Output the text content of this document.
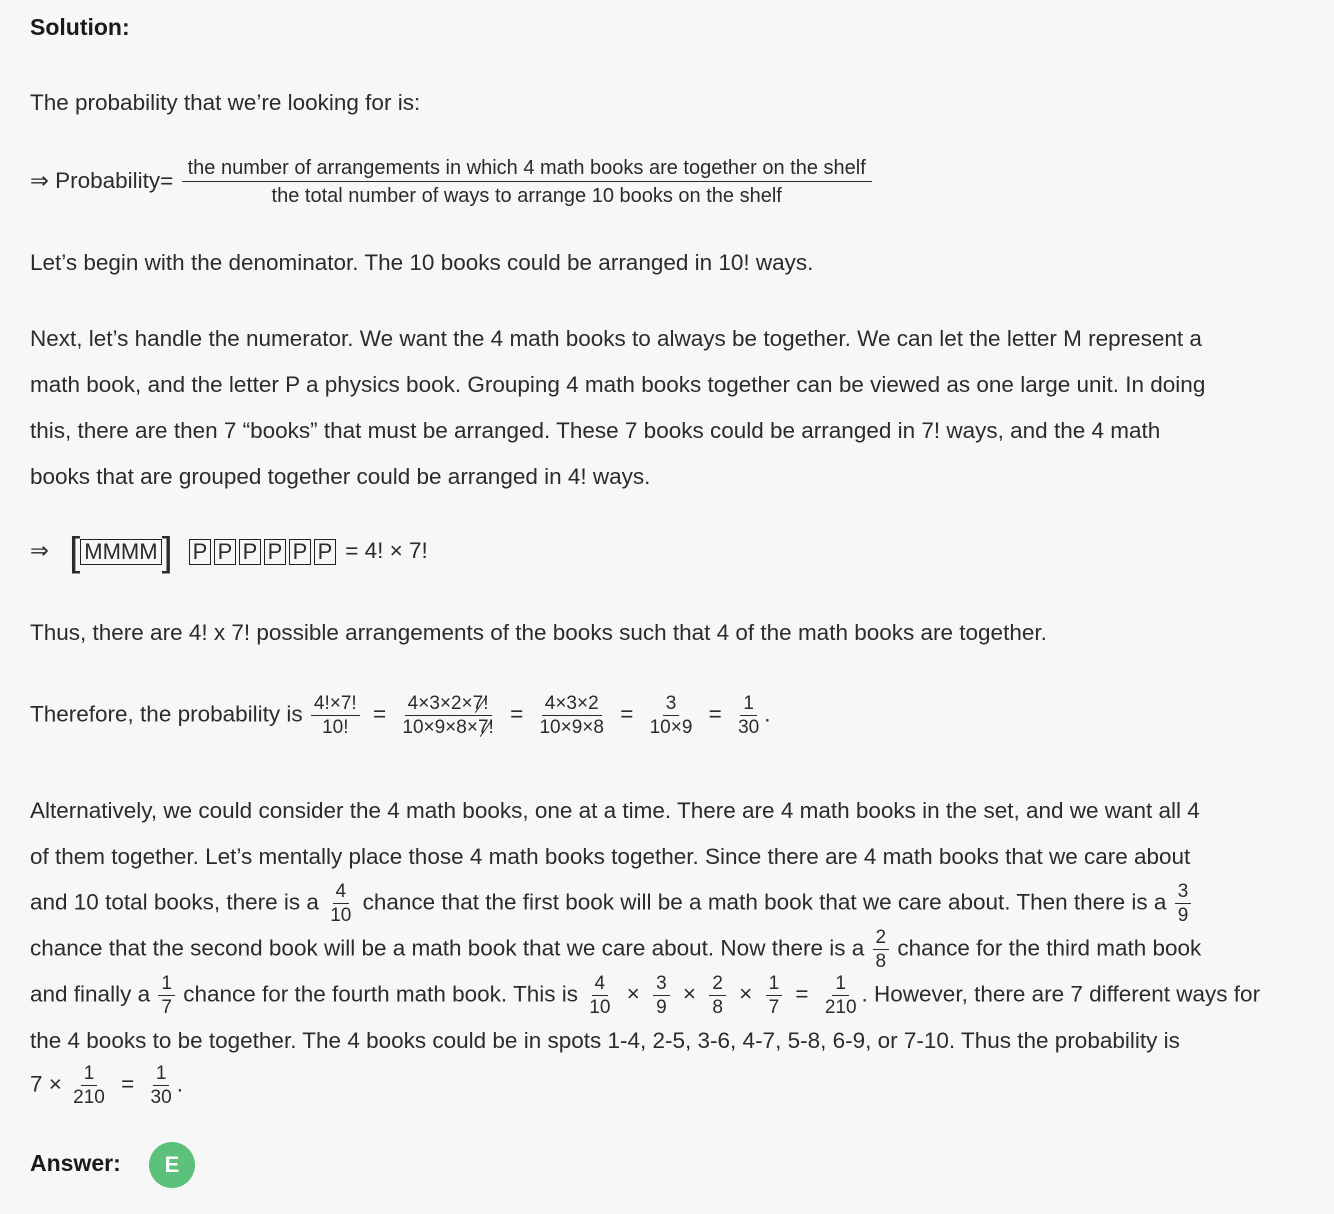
Solution:
The probability that we’re looking for is:
⇒ Probability= the number of arrangements in which 4 math books are together on the shelf
the total number of ways to arrange 10 books on the shelf
Let’s begin with the denominator. The 10 books could be arranged in 10! ways.
Next, let’s handle the numerator. We want the 4 math books to always be together. We can let the letter M represent a
math book, and the letter P a physics book. Grouping 4 math books together can be viewed as one large unit. In doing
this, there are then 7 “books” that must be arranged. These 7 books could be arranged in 7! ways, and the 4 math
books that are grouped together could be arranged in 4! ways.
⇒ [ MMMM ] P P P P P P = 4! × 7!
Thus, there are 4! x 7! possible arrangements of the books such that 4 of the math books are together.
Therefore, the probability is $\frac{4!\times 7!}{10!} = \frac{4\times 3\times 2\times 7!}{10\times 9\times 8\times 7!} = \frac{4\times 3\times 2}{10\times 9\times 8} = \frac{3}{10\times 9} = \frac{1}{30}$ .
Alternatively, we could consider the 4 math books, one at a time. There are 4 math books in the set, and we want all 4
of them together. Let’s mentally place those 4 math books together. Since there are 4 math books that we care about
and 10 total books, there is a $\frac{4}{10}$ chance that the first book will be a math book that we care about. Then there is a $\frac{3}{9}$
chance that the second book will be a math book that we care about. Now there is a $\frac{2}{8}$ chance for the third math book
and finally a $\frac{1}{7}$ chance for the fourth math book. This is $\frac{4}{10} \times \frac{3}{9} \times \frac{2}{8} \times \frac{1}{7} = \frac{1}{210}$ . However, there are 7 different ways for
the 4 books to be together. The 4 books could be in spots 1-4, 2-5, 3-6, 4-7, 5-8, 6-9, or 7-10. Thus the probability is
$7 \times \frac{1}{210} = \frac{1}{30}$ .
Answer:	E
